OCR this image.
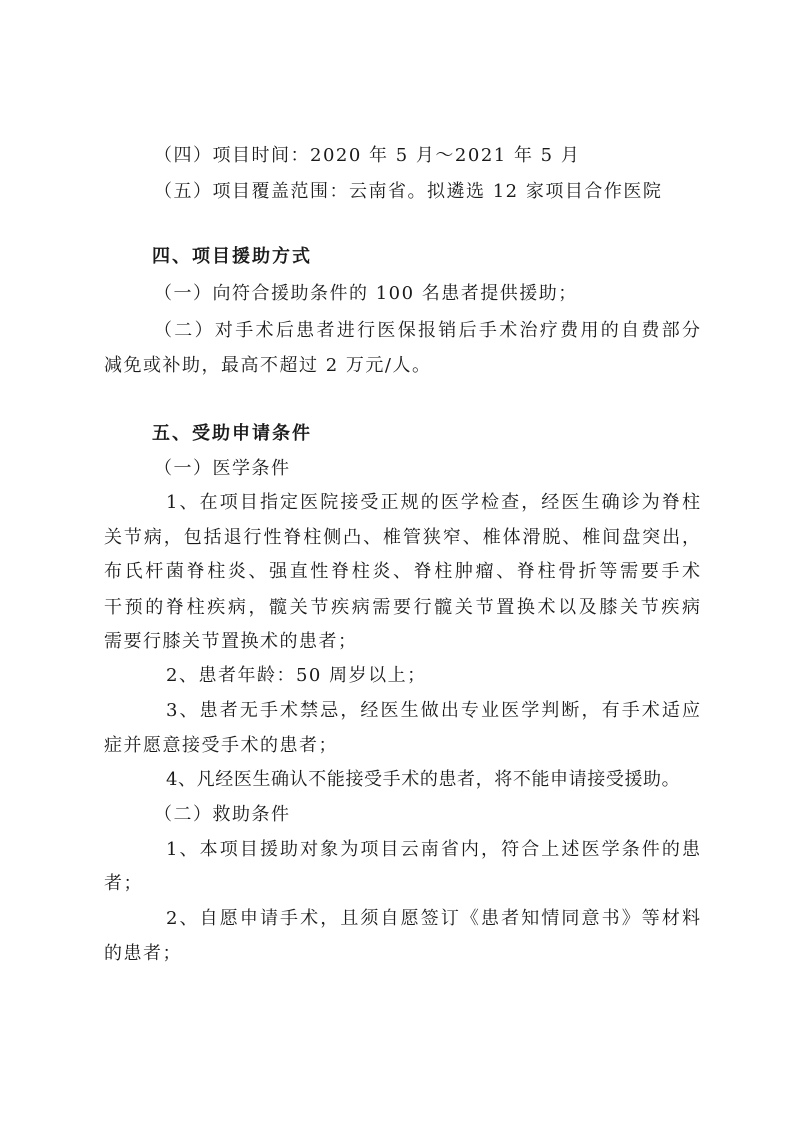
（四）项目时间：2020 年 5 月～2021 年 5 月
（五）项目覆盖范围：云南省。拟遴选 12 家项目合作医院
四、项目援助方式
（一）向符合援助条件的 100 名患者提供援助；
（二）对手术后患者进行医保报销后手术治疗费用的自费部分
减免或补助，最高不超过 2 万元/人。
五、受助申请条件
（一）医学条件
1、在项目指定医院接受正规的医学检查，经医生确诊为脊柱
关节病，包括退行性脊柱侧凸、椎管狭窄、椎体滑脱、椎间盘突出，
布氏杆菌脊柱炎、强直性脊柱炎、脊柱肿瘤、脊柱骨折等需要手术
干预的脊柱疾病，髋关节疾病需要行髋关节置换术以及膝关节疾病
需要行膝关节置换术的患者；
2、患者年龄：50 周岁以上；
3、患者无手术禁忌，经医生做出专业医学判断，有手术适应
症并愿意接受手术的患者；
4、凡经医生确认不能接受手术的患者，将不能申请接受援助。
（二）救助条件
1、本项目援助对象为项目云南省内，符合上述医学条件的患
者；
2、自愿申请手术，且须自愿签订《患者知情同意书》等材料
的患者；
